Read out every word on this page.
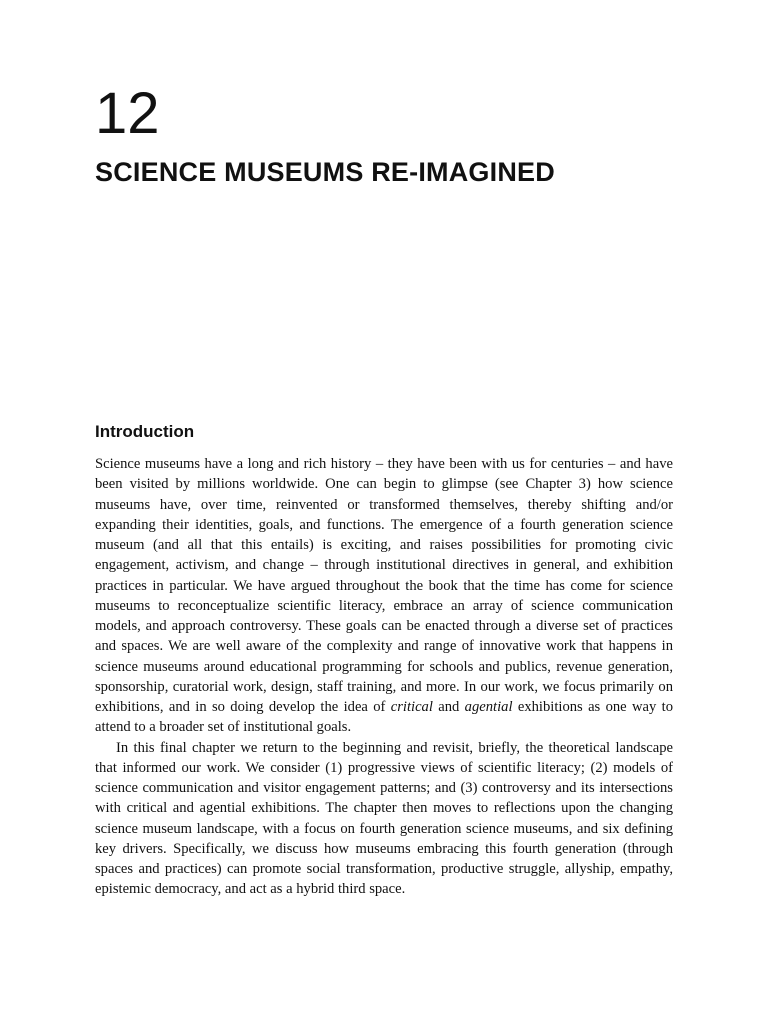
12
SCIENCE MUSEUMS RE-IMAGINED
Introduction

Science museums have a long and rich history – they have been with us for centuries – and have been visited by millions worldwide. One can begin to glimpse (see Chapter 3) how science museums have, over time, reinvented or transformed themselves, thereby shifting and/or expanding their identities, goals, and functions. The emergence of a fourth generation science museum (and all that this entails) is exciting, and raises possibilities for promoting civic engagement, activism, and change – through institutional directives in general, and exhibition practices in particular. We have argued throughout the book that the time has come for science museums to reconceptualize scientific literacy, embrace an array of science communication models, and approach controversy. These goals can be enacted through a diverse set of practices and spaces. We are well aware of the complexity and range of innovative work that happens in science museums around educational programming for schools and publics, revenue generation, sponsorship, curatorial work, design, staff training, and more. In our work, we focus primarily on exhibitions, and in so doing develop the idea of critical and agential exhibitions as one way to attend to a broader set of institutional goals.

In this final chapter we return to the beginning and revisit, briefly, the theoretical landscape that informed our work. We consider (1) progressive views of scientific literacy; (2) models of science communication and visitor engagement patterns; and (3) controversy and its intersections with critical and agential exhibitions. The chapter then moves to reflections upon the changing science museum landscape, with a focus on fourth generation science museums, and six defining key drivers. Specifically, we discuss how museums embracing this fourth generation (through spaces and practices) can promote social transformation, productive struggle, allyship, empathy, epistemic democracy, and act as a hybrid third space.
